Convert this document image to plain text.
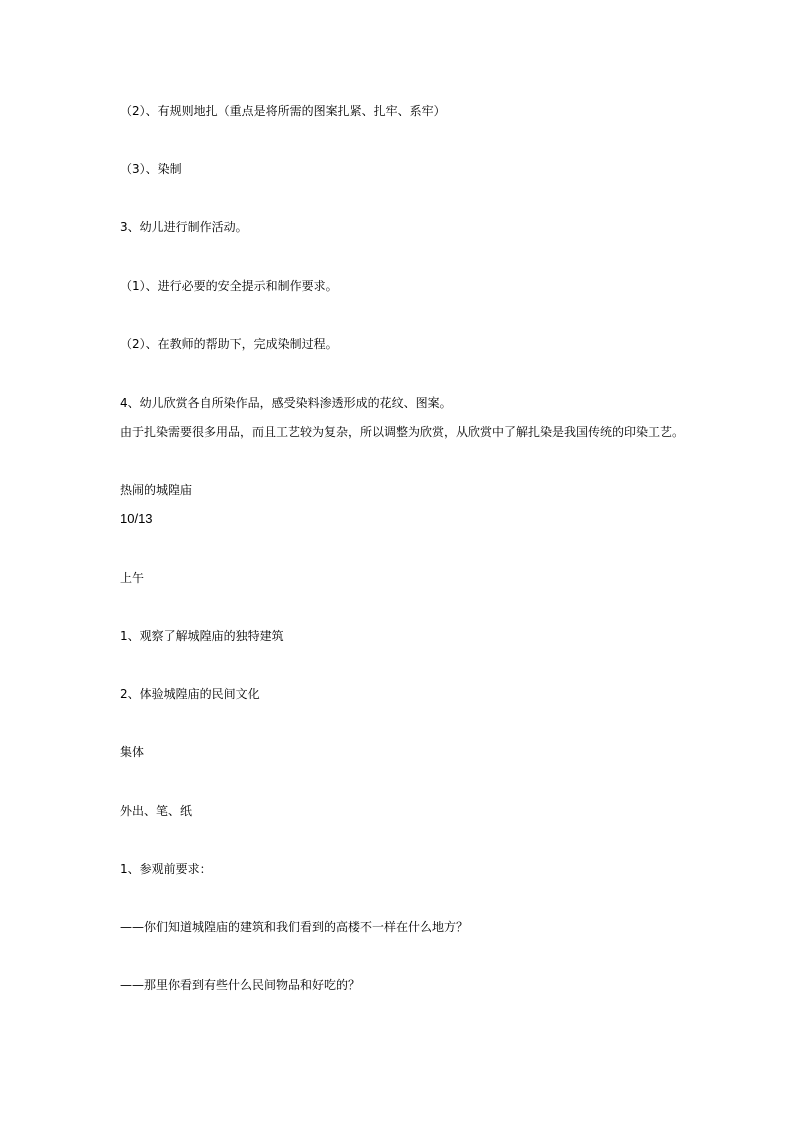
（2）、有规则地扎（重点是将所需的图案扎紧、扎牢、系牢）
（3）、染制
3、幼儿进行制作活动。
（1）、进行必要的安全提示和制作要求。
（2）、在教师的帮助下，完成染制过程。
4、幼儿欣赏各自所染作品，感受染料渗透形成的花纹、图案。
由于扎染需要很多用品，而且工艺较为复杂，所以调整为欣赏，从欣赏中了解扎染是我国传统的印染工艺。
热闹的城隍庙
10/13
上午
1、观察了解城隍庙的独特建筑
2、体验城隍庙的民间文化
集体
外出、笔、纸
1、参观前要求：
——你们知道城隍庙的建筑和我们看到的高楼不一样在什么地方？
——那里你看到有些什么民间物品和好吃的？
